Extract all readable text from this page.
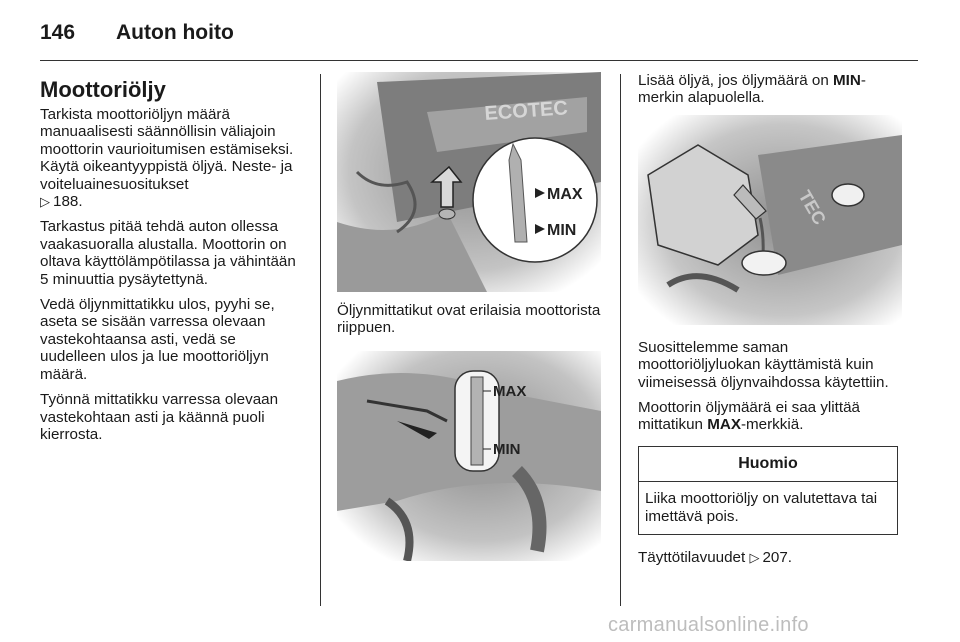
146	Auton hoito
Moottoriöljy

Tarkista moottoriöljyn määrä manuaalisesti säännöllisin väliajoin moottorin vaurioitumisen estämiseksi. Käytä oikeantyyppistä öljyä. Neste- ja voiteluainesuositukset
▷ 188.

Tarkastus pitää tehdä auton ollessa vaakasuoralla alustalla. Moottorin on oltava käyttölämpötilassa ja vähintään 5 minuuttia pysäytettynä.

Vedä öljynmittatikku ulos, pyyhi se, aseta se sisään varressa olevaan vastekohtaansa asti, vedä se uudelleen ulos ja lue moottoriöljyn määrä.

Työnnä mittatikku varressa olevaan vastekohtaan asti ja käännä puoli kierrosta.

ECOTEC
MAX
MIN

Öljynmittatikut ovat erilaisia moottorista riippuen.

MAX
MIN

Lisää öljyä, jos öljymäärä on MIN-merkin alapuolella.

TEC

Suosittelemme saman moottoriöljyluokan käyttämistä kuin viimeisessä öljynvaihdossa käytettiin.

Moottorin öljymäärä ei saa ylittää mittatikun MAX-merkkiä.

Huomio
Liika moottoriöljy on valutettava tai imettävä pois.

Täyttötilavuudet ▷ 207.

carmanualsonline.info
